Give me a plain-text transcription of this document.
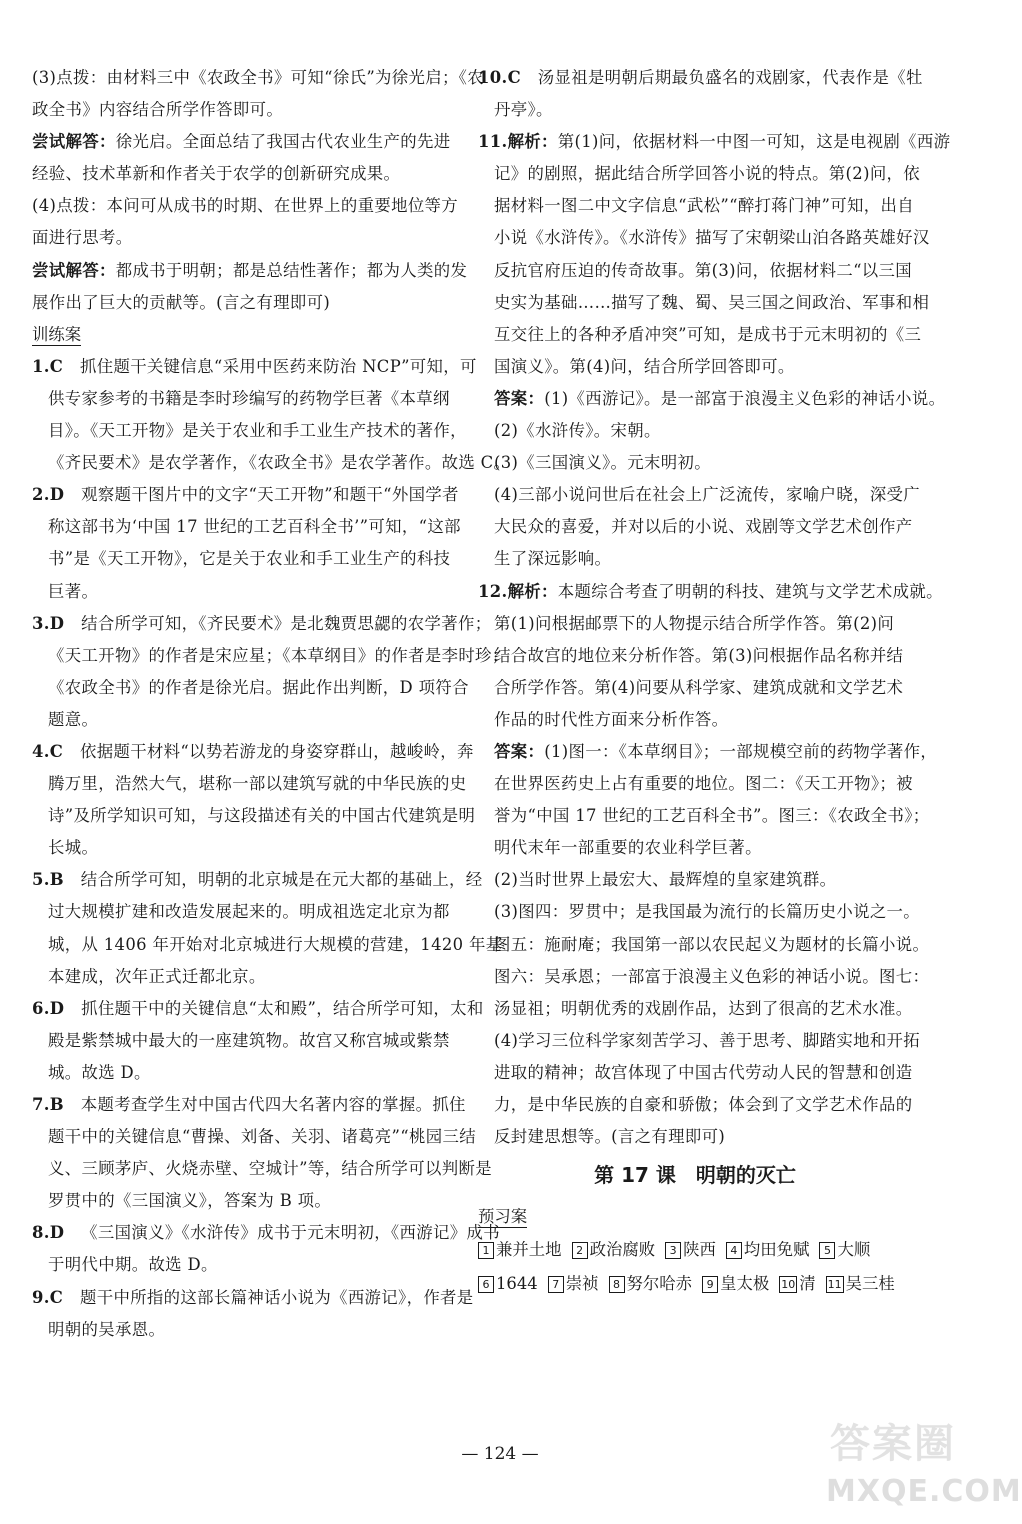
(3)点拨：由材料三中《农政全书》可知“徐氏”为徐光启；《农
政全书》内容结合所学作答即可。
尝试解答：徐光启。全面总结了我国古代农业生产的先进
经验、技术革新和作者关于农学的创新研究成果。
(4)点拨：本问可从成书的时期、在世界上的重要地位等方
面进行思考。
尝试解答：都成书于明朝；都是总结性著作；都为人类的发
展作出了巨大的贡献等。(言之有理即可)
训练案
1.C  抓住题干关键信息“采用中医药来防治 NCP”可知，可
供专家参考的书籍是李时珍编写的药物学巨著《本草纲
目》。《天工开物》是关于农业和手工业生产技术的著作，
《齐民要术》是农学著作，《农政全书》是农学著作。故选 C。
2.D  观察题干图片中的文字“天工开物”和题干“外国学者
称这部书为‘中国 17 世纪的工艺百科全书’”可知，“这部
书”是《天工开物》，它是关于农业和手工业生产的科技
巨著。
3.D  结合所学可知，《齐民要术》是北魏贾思勰的农学著作；
《天工开物》的作者是宋应星；《本草纲目》的作者是李时珍；
《农政全书》的作者是徐光启。据此作出判断，D 项符合
题意。
4.C  依据题干材料“以势若游龙的身姿穿群山，越峻岭，奔
腾万里，浩然大气，堪称一部以建筑写就的中华民族的史
诗”及所学知识可知，与这段描述有关的中国古代建筑是明
长城。
5.B  结合所学可知，明朝的北京城是在元大都的基础上，经
过大规模扩建和改造发展起来的。明成祖选定北京为都
城，从 1406 年开始对北京城进行大规模的营建，1420 年基
本建成，次年正式迁都北京。
6.D  抓住题干中的关键信息“太和殿”，结合所学可知，太和
殿是紫禁城中最大的一座建筑物。故宫又称宫城或紫禁
城。故选 D。
7.B  本题考查学生对中国古代四大名著内容的掌握。抓住
题干中的关键信息“曹操、刘备、关羽、诸葛亮”“桃园三结
义、三顾茅庐、火烧赤壁、空城计”等，结合所学可以判断是
罗贯中的《三国演义》，答案为 B 项。
8.D  《三国演义》《水浒传》成书于元末明初，《西游记》成书
于明代中期。故选 D。
9.C  题干中所指的这部长篇神话小说为《西游记》，作者是
明朝的吴承恩。
10.C  汤显祖是明朝后期最负盛名的戏剧家，代表作是《牡
丹亭》。
11.解析：第(1)问，依据材料一中图一可知，这是电视剧《西游
记》的剧照，据此结合所学回答小说的特点。第(2)问，依
据材料一图二中文字信息“武松”“醉打蒋门神”可知，出自
小说《水浒传》。《水浒传》描写了宋朝梁山泊各路英雄好汉
反抗官府压迫的传奇故事。第(3)问，依据材料二“以三国
史实为基础……描写了魏、蜀、吴三国之间政治、军事和相
互交往上的各种矛盾冲突”可知，是成书于元末明初的《三
国演义》。第(4)问，结合所学回答即可。
答案：(1)《西游记》。是一部富于浪漫主义色彩的神话小说。
(2)《水浒传》。宋朝。
(3)《三国演义》。元末明初。
(4)三部小说问世后在社会上广泛流传，家喻户晓，深受广
大民众的喜爱，并对以后的小说、戏剧等文学艺术创作产
生了深远影响。
12.解析：本题综合考查了明朝的科技、建筑与文学艺术成就。
第(1)问根据邮票下的人物提示结合所学作答。第(2)问
结合故宫的地位来分析作答。第(3)问根据作品名称并结
合所学作答。第(4)问要从科学家、建筑成就和文学艺术
作品的时代性方面来分析作答。
答案：(1)图一：《本草纲目》；一部规模空前的药物学著作，
在世界医药史上占有重要的地位。图二：《天工开物》；被
誉为“中国 17 世纪的工艺百科全书”。图三：《农政全书》；
明代末年一部重要的农业科学巨著。
(2)当时世界上最宏大、最辉煌的皇家建筑群。
(3)图四：罗贯中；是我国最为流行的长篇历史小说之一。
图五：施耐庵；我国第一部以农民起义为题材的长篇小说。
图六：吴承恩；一部富于浪漫主义色彩的神话小说。图七：
汤显祖；明朝优秀的戏剧作品，达到了很高的艺术水准。
(4)学习三位科学家刻苦学习、善于思考、脚踏实地和开拓
进取的精神；故宫体现了中国古代劳动人民的智慧和创造
力，是中华民族的自豪和骄傲；体会到了文学艺术作品的
反封建思想等。(言之有理即可)
第 17 课　明朝的灭亡
预习案
1 兼并土地 2 政治腐败 3 陕西 4 均田免赋 5 大顺
6 1644 7 崇祯 8 努尔哈赤 9 皇太极 10 清 11 吴三桂
— 124 —	答案圈
MXQE.COM
